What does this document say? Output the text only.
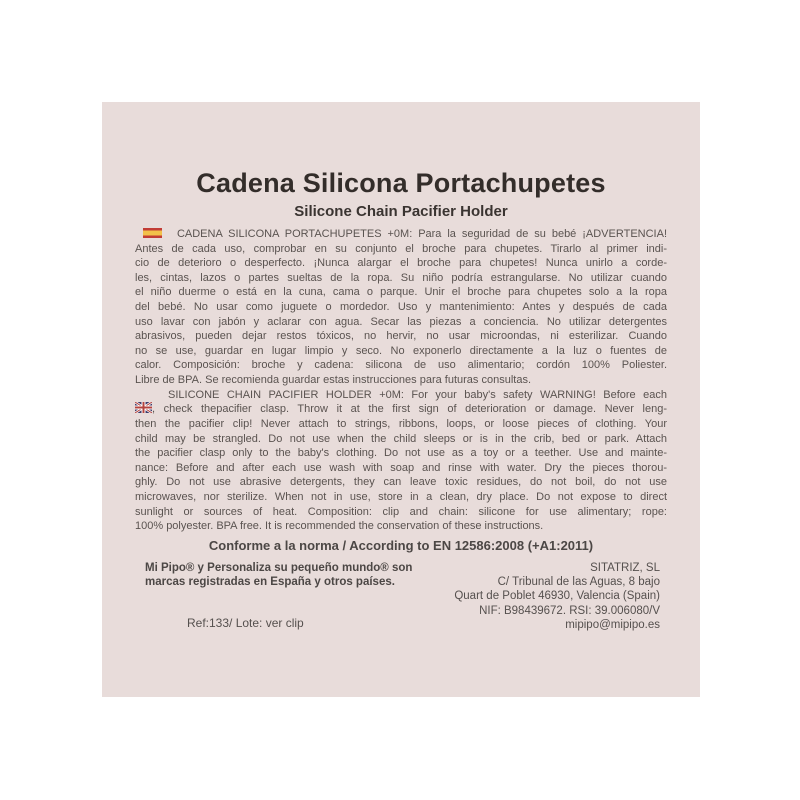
Cadena Silicona Portachupetes
Silicone Chain Pacifier Holder
CADENA SILICONA PORTACHUPETES +0M: Para la seguridad de su bebé ¡ADVERTENCIA!
Antes de cada uso, comprobar en su conjunto el broche para chupetes. Tirarlo al primer indi-
cio de deterioro o desperfecto. ¡Nunca alargar el broche para chupetes! Nunca unirlo a corde-
les, cintas, lazos o partes sueltas de la ropa. Su niño podría estrangularse. No utilizar cuando
el niño duerme o está en la cuna, cama o parque. Unir el broche para chupetes solo a la ropa
del bebé. No usar como juguete o mordedor. Uso y mantenimiento: Antes y después de cada
uso lavar con jabón y aclarar con agua. Secar las piezas a conciencia. No utilizar detergentes
abrasivos, pueden dejar restos tóxicos, no hervir, no usar microondas, ni esterilizar. Cuando
no se use, guardar en lugar limpio y seco. No exponerlo directamente a la luz o fuentes de
calor. Composición: broche y cadena: silicona de uso alimentario; cordón 100% Poliester.
Libre de BPA. Se recomienda guardar estas instrucciones para futuras consultas.
SILICONE CHAIN PACIFIER HOLDER +0M: For your baby's safety WARNING! Before each
, check thepacifier clasp. Throw it at the first sign of deterioration or damage. Never leng-
then the pacifier clip! Never attach to strings, ribbons, loops, or loose pieces of clothing. Your
child may be strangled. Do not use when the child sleeps or is in the crib, bed or park. Attach
the pacifier clasp only to the baby's clothing. Do not use as a toy or a teether. Use and mainte-
nance: Before and after each use wash with soap and rinse with water. Dry the pieces thorou-
ghly. Do not use abrasive detergents, they can leave toxic residues, do not boil, do not use
microwaves, nor sterilize. When not in use, store in a clean, dry place. Do not expose to direct
sunlight or sources of heat. Composition: clip and chain: silicone for use alimentary; rope:
100% polyester. BPA free. It is recommended the conservation of these instructions.
Conforme a la norma / According to EN 12586:2008 (+A1:2011)
Mi Pipo® y Personaliza su pequeño mundo® son
marcas registradas en España y otros países.
SITATRIZ, SL
C/ Tribunal de las Aguas, 8 bajo
Quart de Poblet 46930, Valencia (Spain)
NIF: B98439672. RSI: 39.006080/V
mipipo@mipipo.es
Ref:133/ Lote: ver clip
